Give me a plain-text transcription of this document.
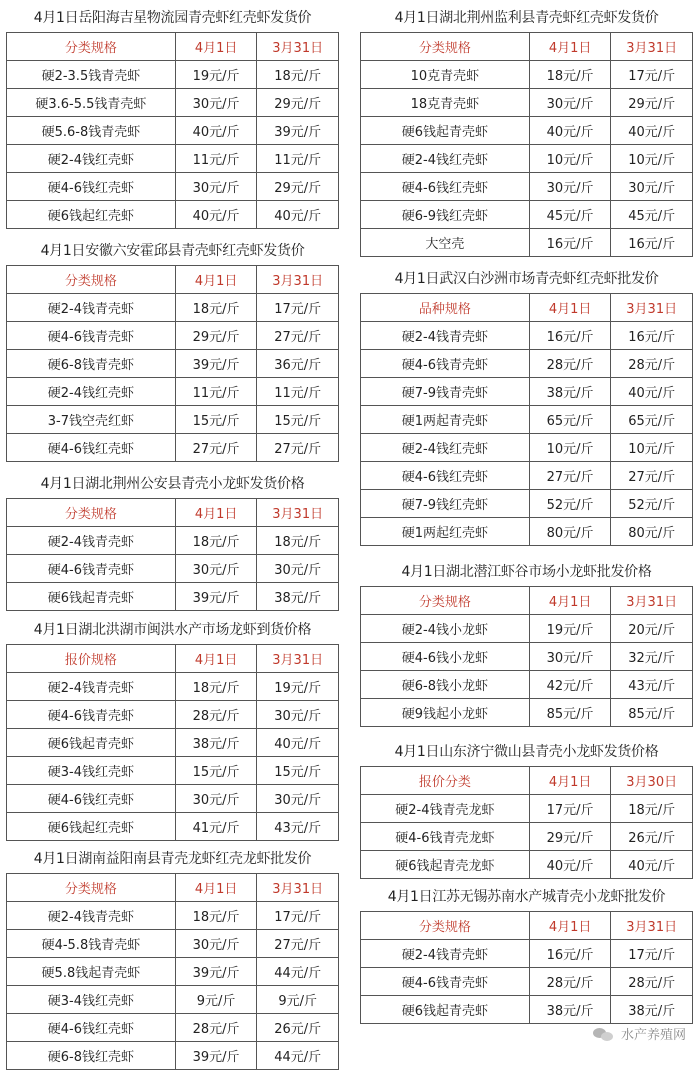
4月1日岳阳海吉星物流园青壳虾红壳虾发货价
分类规格	4月1日	3月31日
硬2-3.5钱青壳虾	19元/斤	18元/斤
硬3.6-5.5钱青壳虾	30元/斤	29元/斤
硬5.6-8钱青壳虾	40元/斤	39元/斤
硬2-4钱红壳虾	11元/斤	11元/斤
硬4-6钱红壳虾	30元/斤	29元/斤
硬6钱起红壳虾	40元/斤	40元/斤
4月1日安徽六安霍邱县青壳虾红壳虾发货价
分类规格	4月1日	3月31日
硬2-4钱青壳虾	18元/斤	17元/斤
硬4-6钱青壳虾	29元/斤	27元/斤
硬6-8钱青壳虾	39元/斤	36元/斤
硬2-4钱红壳虾	11元/斤	11元/斤
3-7钱空壳红虾	15元/斤	15元/斤
硬4-6钱红壳虾	27元/斤	27元/斤
4月1日湖北荆州公安县青壳小龙虾发货价格
分类规格	4月1日	3月31日
硬2-4钱青壳虾	18元/斤	18元/斤
硬4-6钱青壳虾	30元/斤	30元/斤
硬6钱起青壳虾	39元/斤	38元/斤
4月1日湖北洪湖市闽洪水产市场龙虾到货价格
报价规格	4月1日	3月31日
硬2-4钱青壳虾	18元/斤	19元/斤
硬4-6钱青壳虾	28元/斤	30元/斤
硬6钱起青壳虾	38元/斤	40元/斤
硬3-4钱红壳虾	15元/斤	15元/斤
硬4-6钱红壳虾	30元/斤	30元/斤
硬6钱起红壳虾	41元/斤	43元/斤
4月1日湖南益阳南县青壳龙虾红壳龙虾批发价
分类规格	4月1日	3月31日
硬2-4钱青壳虾	18元/斤	17元/斤
硬4-5.8钱青壳虾	30元/斤	27元/斤
硬5.8钱起青壳虾	39元/斤	44元/斤
硬3-4钱红壳虾	9元/斤	9元/斤
硬4-6钱红壳虾	28元/斤	26元/斤
硬6-8钱红壳虾	39元/斤	44元/斤
4月1日湖北荆州监利县青壳虾红壳虾发货价
分类规格	4月1日	3月31日
10克青壳虾	18元/斤	17元/斤
18克青壳虾	30元/斤	29元/斤
硬6钱起青壳虾	40元/斤	40元/斤
硬2-4钱红壳虾	10元/斤	10元/斤
硬4-6钱红壳虾	30元/斤	30元/斤
硬6-9钱红壳虾	45元/斤	45元/斤
大空壳	16元/斤	16元/斤
4月1日武汉白沙洲市场青壳虾红壳虾批发价
品种规格	4月1日	3月31日
硬2-4钱青壳虾	16元/斤	16元/斤
硬4-6钱青壳虾	28元/斤	28元/斤
硬7-9钱青壳虾	38元/斤	40元/斤
硬1两起青壳虾	65元/斤	65元/斤
硬2-4钱红壳虾	10元/斤	10元/斤
硬4-6钱红壳虾	27元/斤	27元/斤
硬7-9钱红壳虾	52元/斤	52元/斤
硬1两起红壳虾	80元/斤	80元/斤
4月1日湖北潜江虾谷市场小龙虾批发价格
分类规格	4月1日	3月31日
硬2-4钱小龙虾	19元/斤	20元/斤
硬4-6钱小龙虾	30元/斤	32元/斤
硬6-8钱小龙虾	42元/斤	43元/斤
硬9钱起小龙虾	85元/斤	85元/斤
4月1日山东济宁微山县青壳小龙虾发货价格
报价分类	4月1日	3月30日
硬2-4钱青壳龙虾	17元/斤	18元/斤
硬4-6钱青壳龙虾	29元/斤	26元/斤
硬6钱起青壳龙虾	40元/斤	40元/斤
4月1日江苏无锡苏南水产城青壳小龙虾批发价
分类规格	4月1日	3月31日
硬2-4钱青壳虾	16元/斤	17元/斤
硬4-6钱青壳虾	28元/斤	28元/斤
硬6钱起青壳虾	38元/斤	38元/斤
水产养殖网
